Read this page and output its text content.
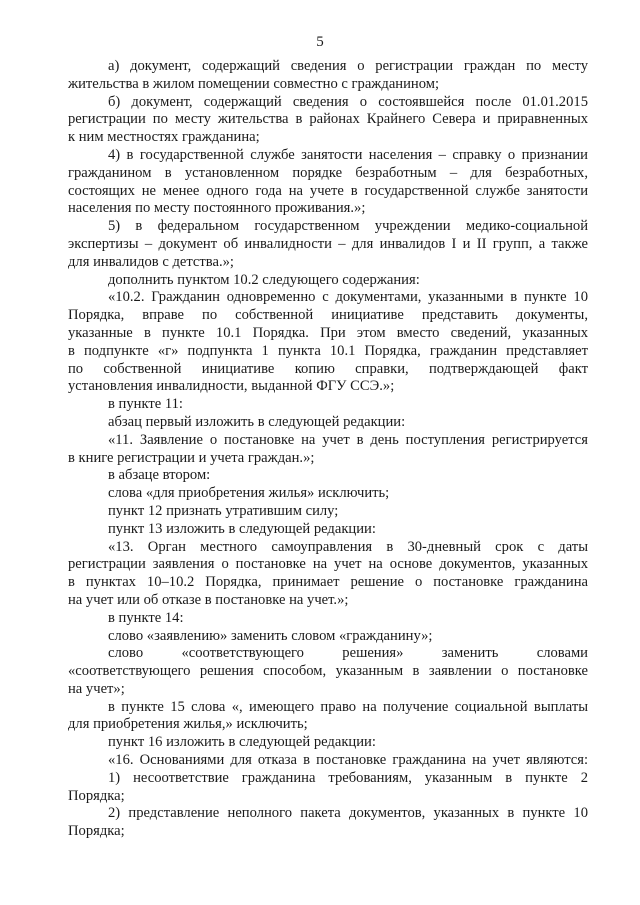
5
а) документ, содержащий сведения о регистрации граждан по месту
жительства в жилом помещении совместно с гражданином;
б) документ, содержащий сведения о состоявшейся после 01.01.2015
регистрации по месту жительства в районах Крайнего Севера и приравненных
к ним местностях гражданина;
4) в государственной службе занятости населения – справку о признании
гражданином в установленном порядке безработным – для безработных,
состоящих не менее одного года на учете в государственной службе занятости
населения по месту постоянного проживания.»;
5) в федеральном государственном учреждении медико-социальной
экспертизы – документ об инвалидности – для инвалидов I и II групп, а также
для инвалидов с детства.»;
дополнить пунктом 10.2 следующего содержания:
«10.2. Гражданин одновременно с документами, указанными в пункте 10
Порядка, вправе по собственной инициативе представить документы,
указанные в пункте 10.1 Порядка. При этом вместо сведений, указанных
в подпункте «г» подпункта 1 пункта 10.1 Порядка, гражданин представляет
по собственной инициативе копию справки, подтверждающей факт
установления инвалидности, выданной ФГУ ССЭ.»;
в пункте 11:
абзац первый изложить в следующей редакции:
«11. Заявление о постановке на учет в день поступления регистрируется
в книге регистрации и учета граждан.»;
в абзаце втором:
слова «для приобретения жилья» исключить;
пункт 12 признать утратившим силу;
пункт 13 изложить в следующей редакции:
«13. Орган местного самоуправления в 30-дневный срок с даты
регистрации заявления о постановке на учет на основе документов, указанных
в пунктах 10–10.2 Порядка, принимает решение о постановке гражданина
на учет или об отказе в постановке на учет.»;
в пункте 14:
слово «заявлению» заменить словом «гражданину»;
слово «соответствующего решения» заменить словами
«соответствующего решения способом, указанным в заявлении о постановке
на учет»;
в пункте 15 слова «, имеющего право на получение социальной выплаты
для приобретения жилья,» исключить;
пункт 16 изложить в следующей редакции:
«16. Основаниями для отказа в постановке гражданина на учет являются:
1) несоответствие гражданина требованиям, указанным в пункте 2
Порядка;
2) представление неполного пакета документов, указанных в пункте 10
Порядка;
